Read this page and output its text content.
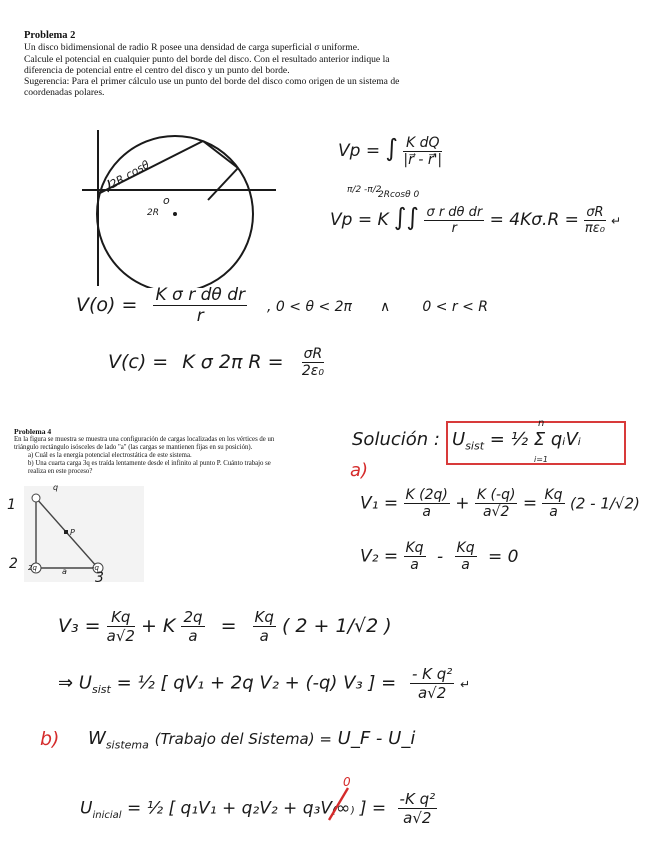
Problema 2
Un disco bidimensional de radio R posee una densidad de carga superficial σ uniforme.
Calcule el potencial en cualquier punto del borde del disco. Con el resultado anterior indique la
diferencia de potencial entre el centro del disco y un punto del borde.
Sugerencia: Para el primer cálculo use un punto del borde del disco como origen de un sistema de
coordenadas polares.
2R cosθ
2R
o
Vp = ∫ $\frac{\text{K dQ}}{|r⃗ - r⃗'|}$
π/2 -π/2
2Rcosθ 0
Vp = K ∫∫ $\frac{\text{σ r dθ dr}}{r} = 4K\sigma.R = \frac{\sigma R}{\text{πε₀}}$ ↵
$V(o) = \frac{\text{K σ r dθ dr}}{r}$ , 0 < θ < 2π ∧ 0 < r < R
V(c) = K σ 2π $R = \frac{\sigma R}{\text{2ε₀}}$
Problema 4
En la figura se muestra se muestra una configuración de cargas localizadas en los vértices de un
triángulo rectángulo isósceles de lado "a" (las cargas se mantienen fijas en su posición).
a) Cuál es la energía potencial electrostática de este sistema.
b) Una cuarta carga 3q es traída lentamente desde el infinito al punto P. Cuánto trabajo se
realiza en este proceso?
q
2q	-q
P
a
1
2
3
Solución : $U_{sist}$ = ½ Σ qᵢVᵢ
n
i=1
a)
$V_1 = \frac{K (2q)}{a} + \frac{K (-q)}{a√2} = \frac{Kq}{a} (2 - 1/√2)$
$V_2 = \frac{Kq}{a} - \frac{Kq}{a} = 0$
$V_3 = \frac{Kq}{a√2} + K \frac{2q}{a} = \frac{Kq}{a}$ ( 2 + 1/√2 )
⇒ $U_{sist}$ = ½ [ qV₁ + 2q V₂ + (-q) V₃ ] = $\frac{\text{- K q²}}{a√2}$ ↵
b) $W_{sistema}$ (Trabajo del Sistema) = U_F - U_i
$U_{inicial}$ = ½ [ q₁V₁ + q₂V₂ + q₃V₍∞₎ ] = $\frac{\text{-K q²}}{a√2}$
0
